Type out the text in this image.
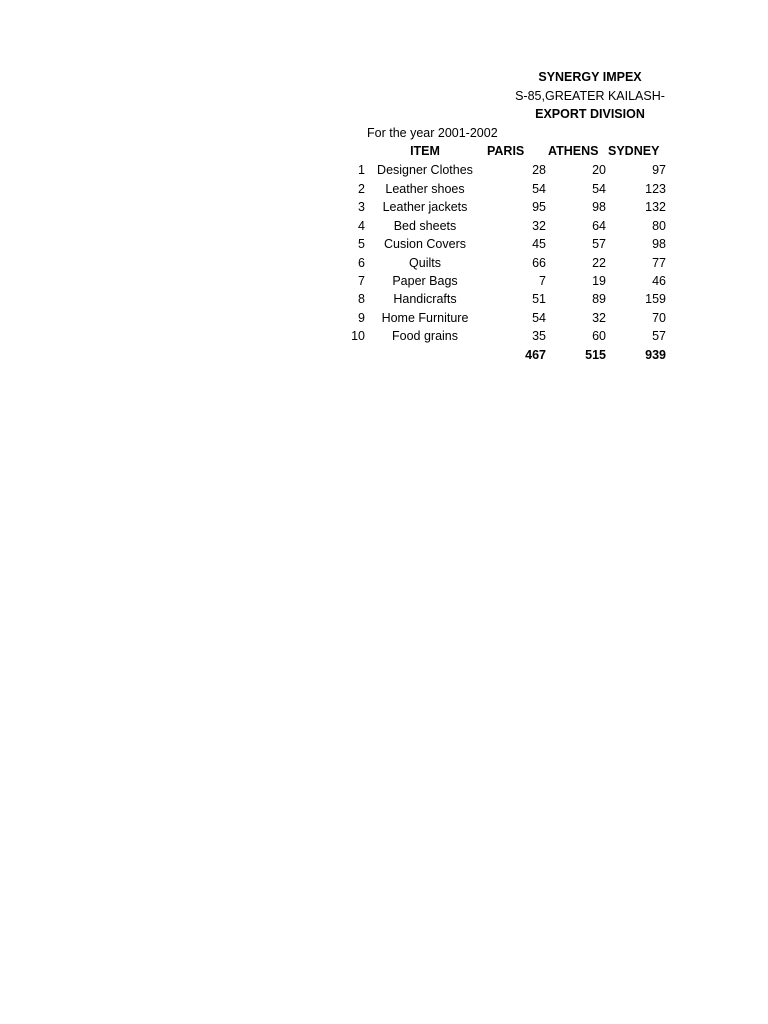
SYNERGY IMPEX
S-85,GREATER KAILASH-
EXPORT DIVISION
For the year 2001-2002
ITEM	PARIS ATHENS SYDNEY
1 Designer Clothes	28	20	97
2	Leather shoes	54	54	123
3	Leather jackets	95	98	132
4	Bed sheets	32	64	80
5	Cusion Covers	45	57	98
6	Quilts	66	22	77
7	Paper Bags	7	19	46
8	Handicrafts	51	89	159
9	Home Furniture	54	32	70
10	Food grains	35	60	57
467	515	939
